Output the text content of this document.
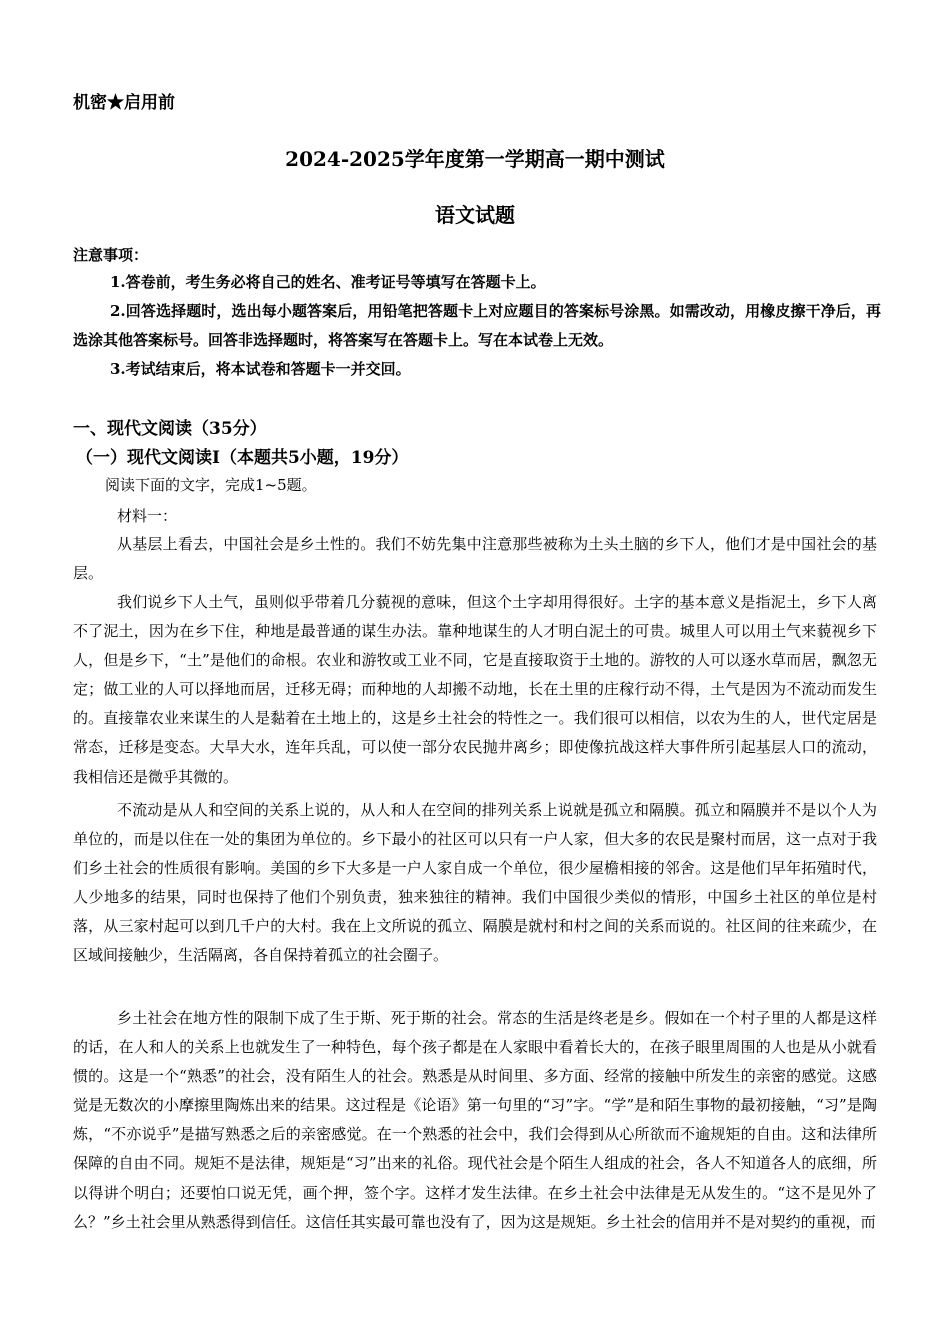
机密★启用前
2024-2025学年度第一学期高一期中测试
语文试题
注意事项：
1.答卷前，考生务必将自己的姓名、准考证号等填写在答题卡上。
2.回答选择题时，选出每小题答案后，用铅笔把答题卡上对应题目的答案标号涂黑。如需改动，用橡皮擦干净后，再选涂其他答案标号。回答非选择题时，将答案写在答题卡上。写在本试卷上无效。
3.考试结束后，将本试卷和答题卡一并交回。
一、现代文阅读（35分）
（一）现代文阅读I（本题共5小题，19分）
阅读下面的文字，完成1~5题。
材料一：
从基层上看去，中国社会是乡土性的。我们不妨先集中注意那些被称为土头土脑的乡下人，他们才是中国社会的基层。
我们说乡下人土气，虽则似乎带着几分藐视的意味，但这个土字却用得很好。土字的基本意义是指泥土，乡下人离不了泥土，因为在乡下住，种地是最普通的谋生办法。靠种地谋生的人才明白泥土的可贵。城里人可以用土气来藐视乡下人，但是乡下，“土”是他们的命根。农业和游牧或工业不同，它是直接取资于土地的。游牧的人可以逐水草而居，飘忽无定；做工业的人可以择地而居，迁移无碍；而种地的人却搬不动地，长在土里的庄稼行动不得，土气是因为不流动而发生的。直接靠农业来谋生的人是黏着在土地上的，这是乡土社会的特性之一。我们很可以相信，以农为生的人，世代定居是常态，迁移是变态。大旱大水，连年兵乱，可以使一部分农民抛井离乡；即使像抗战这样大事件所引起基层人口的流动，我相信还是微乎其微的。
不流动是从人和空间的关系上说的，从人和人在空间的排列关系上说就是孤立和隔膜。孤立和隔膜并不是以个人为单位的，而是以住在一处的集团为单位的。乡下最小的社区可以只有一户人家，但大多的农民是聚村而居，这一点对于我们乡土社会的性质很有影响。美国的乡下大多是一户人家自成一个单位，很少屋檐相接的邻舍。这是他们早年拓殖时代，人少地多的结果，同时也保持了他们个别负责，独来独往的精神。我们中国很少类似的情形，中国乡土社区的单位是村落，从三家村起可以到几千户的大村。我在上文所说的孤立、隔膜是就村和村之间的关系而说的。社区间的往来疏少，在区域间接触少，生活隔离，各自保持着孤立的社会圈子。
乡土社会在地方性的限制下成了生于斯、死于斯的社会。常态的生活是终老是乡。假如在一个村子里的人都是这样的话，在人和人的关系上也就发生了一种特色，每个孩子都是在人家眼中看着长大的，在孩子眼里周围的人也是从小就看惯的。这是一个“熟悉”的社会，没有陌生人的社会。熟悉是从时间里、多方面、经常的接触中所发生的亲密的感觉。这感觉是无数次的小摩擦里陶炼出来的结果。这过程是《论语》第一句里的“习”字。“学”是和陌生事物的最初接触，“习”是陶炼，“不亦说乎”是描写熟悉之后的亲密感觉。在一个熟悉的社会中，我们会得到从心所欲而不逾规矩的自由。这和法律所保障的自由不同。规矩不是法律，规矩是“习”出来的礼俗。现代社会是个陌生人组成的社会，各人不知道各人的底细，所以得讲个明白；还要怕口说无凭，画个押，签个字。这样才发生法律。在乡土社会中法律是无从发生的。“这不是见外了么？”乡土社会里从熟悉得到信任。这信任其实最可靠也没有了，因为这是规矩。乡土社会的信用并不是对契约的重视，而
